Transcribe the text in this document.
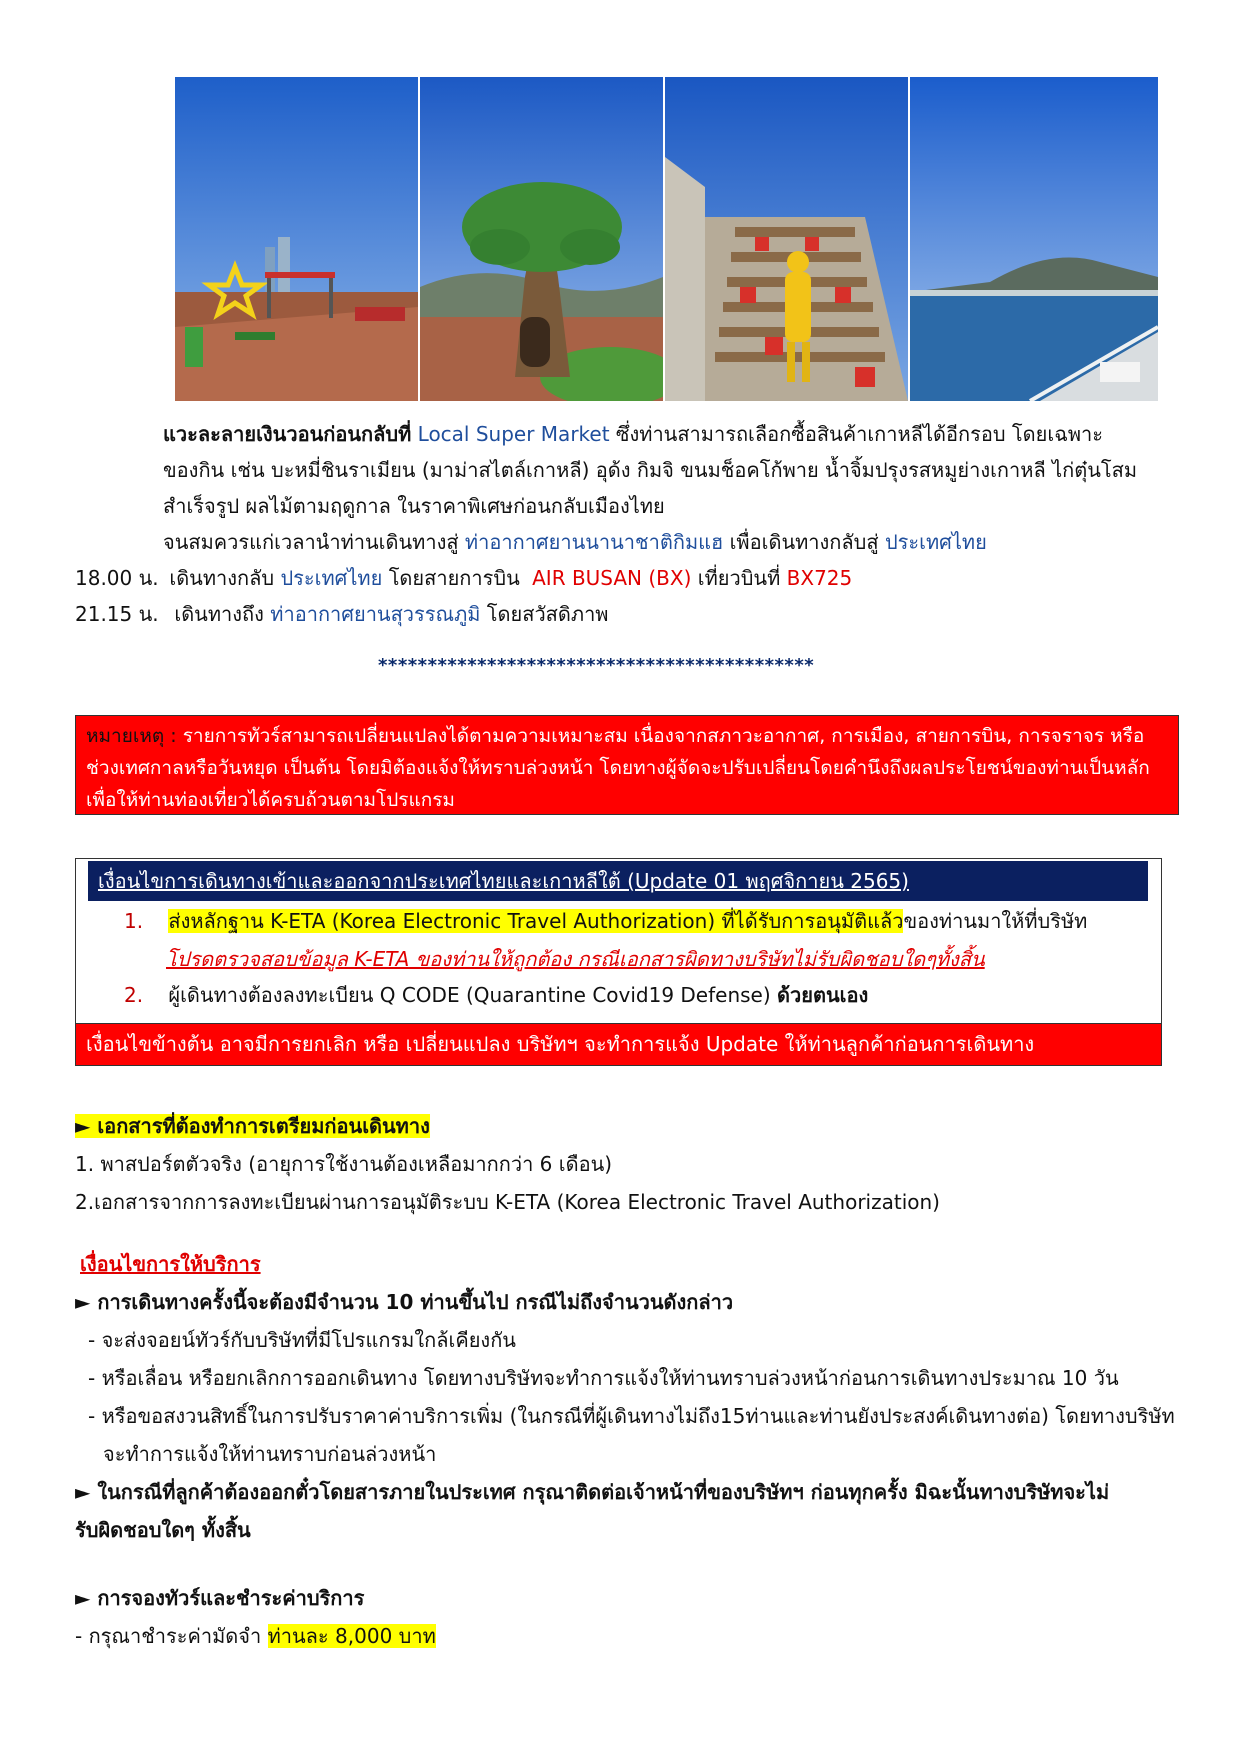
แวะละลายเงินวอนก่อนกลับที่ Local Super Market ซึ่งท่านสามารถเลือกซื้อสินค้าเกาหลีได้อีกรอบ โดยเฉพาะของกิน เช่น บะหมี่ชินราเมียน (มาม่าสไตล์เกาหลี) อุด้ง กิมจิ ขนมช็อคโก้พาย น้ำจิ้มปรุงรสหมูย่างเกาหลี ไก่ตุ๋นโสมสำเร็จรูป ผลไม้ตามฤดูกาล ในราคาพิเศษก่อนกลับเมืองไทย
จนสมควรแก่เวลานำท่านเดินทางสู่ ท่าอากาศยานนานาชาติกิมแฮ เพื่อเดินทางกลับสู่ ประเทศไทย
18.00 น. เดินทางกลับ ประเทศไทย โดยสายการบิน AIR BUSAN (BX) เที่ยวบินที่ BX725
21.15 น. เดินทางถึง ท่าอากาศยานสุวรรณภูมิ โดยสวัสดิภาพ
********************************************
หมายเหตุ : รายการทัวร์สามารถเปลี่ยนแปลงได้ตามความเหมาะสม เนื่องจากสภาวะอากาศ, การเมือง, สายการบิน, การจราจร หรือช่วงเทศกาลหรือวันหยุด เป็นต้น โดยมิต้องแจ้งให้ทราบล่วงหน้า โดยทางผู้จัดจะปรับเปลี่ยนโดยคำนึงถึงผลประโยชน์ของท่านเป็นหลัก เพื่อให้ท่านท่องเที่ยวได้ครบถ้วนตามโปรแกรม
เงื่อนไขการเดินทางเข้าและออกจากประเทศไทยและเกาหลีใต้ (Update 01 พฤศจิกายน 2565)
1. ส่งหลักฐาน K-ETA (Korea Electronic Travel Authorization) ที่ได้รับการอนุมัติแล้วของท่านมาให้ที่บริษัท
โปรดตรวจสอบข้อมูล K-ETA ของท่านให้ถูกต้อง กรณีเอกสารผิดทางบริษัทไม่รับผิดชอบใดๆทั้งสิ้น
2. ผู้เดินทางต้องลงทะเบียน Q CODE (Quarantine Covid19 Defense) ด้วยตนเอง
เงื่อนไขข้างต้น อาจมีการยกเลิก หรือ เปลี่ยนแปลง บริษัทฯ จะทำการแจ้ง Update ให้ท่านลูกค้าก่อนการเดินทาง
► เอกสารที่ต้องทำการเตรียมก่อนเดินทาง
1. พาสปอร์ตตัวจริง (อายุการใช้งานต้องเหลือมากกว่า 6 เดือน)
2.เอกสารจากการลงทะเบียนผ่านการอนุมัติระบบ K-ETA (Korea Electronic Travel Authorization)
เงื่อนไขการให้บริการ
► การเดินทางครั้งนี้จะต้องมีจำนวน 10 ท่านขึ้นไป กรณีไม่ถึงจำนวนดังกล่าว
- จะส่งจอยน์ทัวร์กับบริษัทที่มีโปรแกรมใกล้เคียงกัน
- หรือเลื่อน หรือยกเลิกการออกเดินทาง โดยทางบริษัทจะทำการแจ้งให้ท่านทราบล่วงหน้าก่อนการเดินทางประมาณ 10 วัน
- หรือขอสงวนสิทธิ์ในการปรับราคาค่าบริการเพิ่ม (ในกรณีที่ผู้เดินทางไม่ถึง15ท่านและท่านยังประสงค์เดินทางต่อ) โดยทางบริษัท
จะทำการแจ้งให้ท่านทราบก่อนล่วงหน้า
► ในกรณีที่ลูกค้าต้องออกตั๋วโดยสารภายในประเทศ กรุณาติดต่อเจ้าหน้าที่ของบริษัทฯ ก่อนทุกครั้ง มิฉะนั้นทางบริษัทจะไม่
รับผิดชอบใดๆ ทั้งสิ้น
► การจองทัวร์และชำระค่าบริการ
- กรุณาชำระค่ามัดจำ ท่านละ 8,000 บาท
